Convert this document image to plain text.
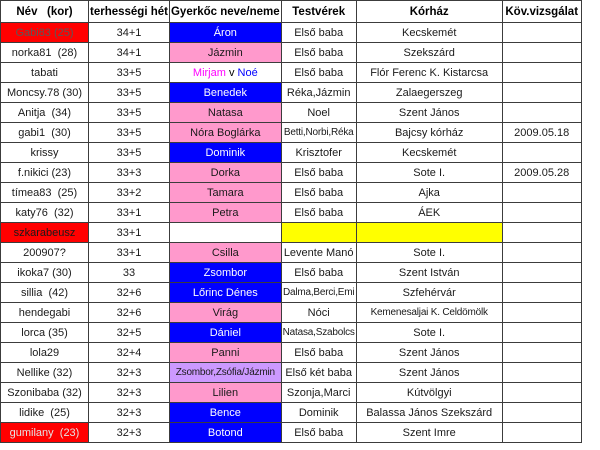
Név   (kor)	terhességi hét	Gyerkőc neve/neme	Testvérek	Kórház	Köv.vizsgálat
Gabi83 (25)	34+1	Áron	Első baba	Kecskemét	
norka81  (28)	34+1	Jázmin	Első baba	Szekszárd	
tabati	33+5	Mirjam v Noé	Első baba	Flór Ferenc K. Kistarcsa	
Moncsy.78 (30)	33+5	Benedek	Réka,Jázmin	Zalaegerszeg	
Anitja  (34)	33+5	Natasa	Noel	Szent János	
gabi1  (30)	33+5	Nóra Boglárka	Betti,Norbi,Réka	Bajcsy kórház	2009.05.18
krissy	33+5	Dominik	Krisztofer	Kecskemét	
f.nikici (23)	33+3	Dorka	Első baba	Sote I.	2009.05.28
tímea83  (25)	33+2	Tamara	Első baba	Ajka	
katy76  (32)	33+1	Petra	Első baba	ÁEK	
szkarabeusz	33+1				
200907?	33+1	Csilla	Levente Manó	Sote I.	
ikoka7 (30)	33	Zsombor	Első baba	Szent István	
sillia  (42)	32+6	Lőrinc Dénes	Dalma,Berci,Emi	Szfehérvár	
hendegabi	32+6	Virág	Nóci	Kemenesaljai K. Celdömölk	
lorca (35)	32+5	Dániel	Natasa,Szabolcs	Sote I.	
lola29	32+4	Panni	Első baba	Szent János	
Nellike (32)	32+3	Zsombor,Zsófia/Jázmin	Első két baba	Szent János	
Szonibaba (32)	32+3	Lilien	Szonja,Marci	Kútvölgyi	
lidike  (25)	32+3	Bence	Dominik	Balassa János Szekszárd	
gumilany  (23)	32+3	Botond	Első baba	Szent Imre	
